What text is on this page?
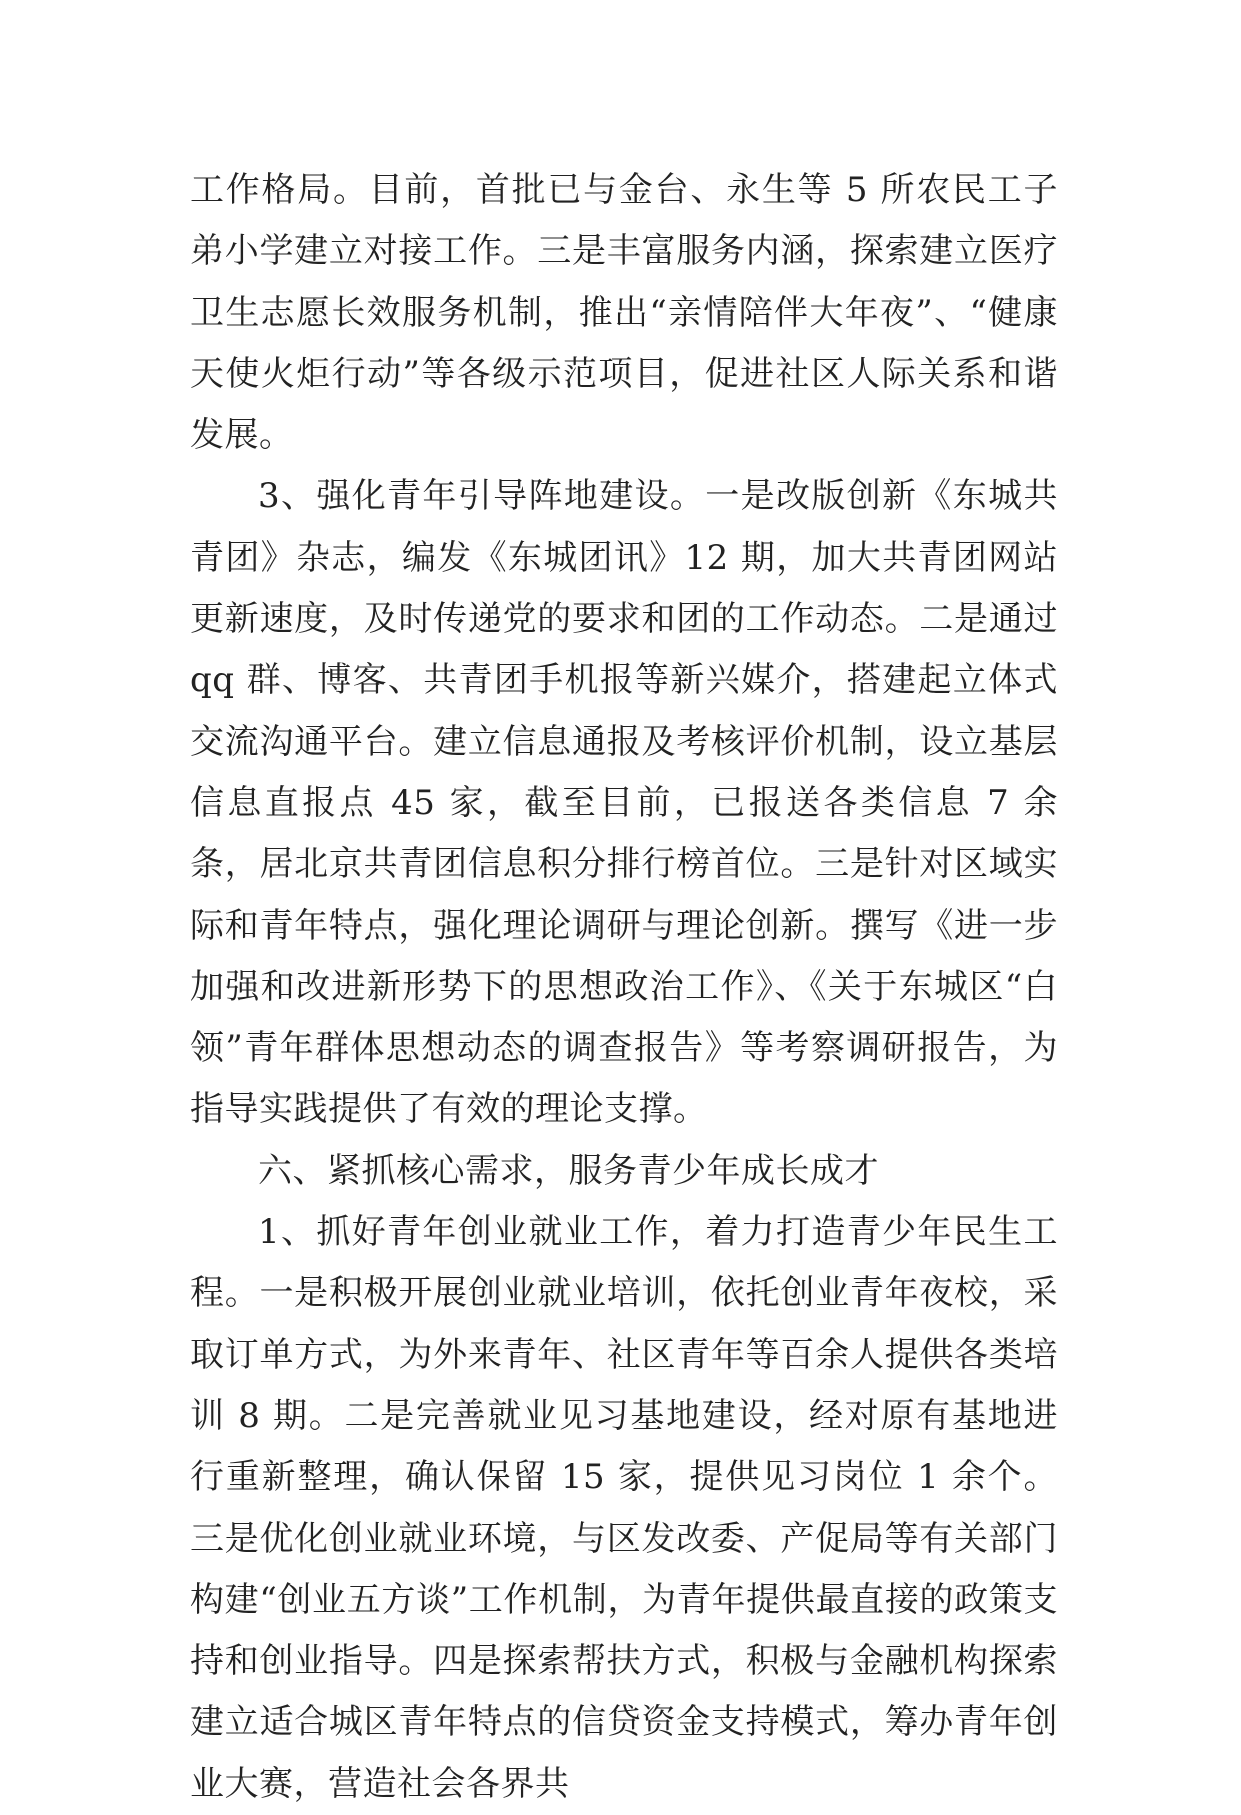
工作格局。目前，首批已与金台、永生等 5 所农民工子弟小学建立对接工作。三是丰富服务内涵，探索建立医疗卫生志愿长效服务机制，推出“亲情陪伴大年夜”、“健康天使火炬行动”等各级示范项目，促进社区人际关系和谐发展。

3、强化青年引导阵地建设。一是改版创新《东城共青团》杂志，编发《东城团讯》12 期，加大共青团网站更新速度，及时传递党的要求和团的工作动态。二是通过 qq 群、博客、共青团手机报等新兴媒介，搭建起立体式交流沟通平台。建立信息通报及考核评价机制，设立基层信息直报点 45 家，截至目前，已报送各类信息 7 余条，居北京共青团信息积分排行榜首位。三是针对区域实际和青年特点，强化理论调研与理论创新。撰写《进一步加强和改进新形势下的思想政治工作》、《关于东城区“白领”青年群体思想动态的调查报告》等考察调研报告，为指导实践提供了有效的理论支撑。

六、紧抓核心需求，服务青少年成长成才

1、抓好青年创业就业工作，着力打造青少年民生工程。一是积极开展创业就业培训，依托创业青年夜校，采取订单方式，为外来青年、社区青年等百余人提供各类培训 8 期。二是完善就业见习基地建设，经对原有基地进行重新整理，确认保留 15 家，提供见习岗位 1 余个。三是优化创业就业环境，与区发改委、产促局等有关部门构建“创业五方谈”工作机制，为青年提供最直接的政策支持和创业指导。四是探索帮扶方式，积极与金融机构探索建立适合城区青年特点的信贷资金支持模式，筹办青年创业大赛，营造社会各界共
